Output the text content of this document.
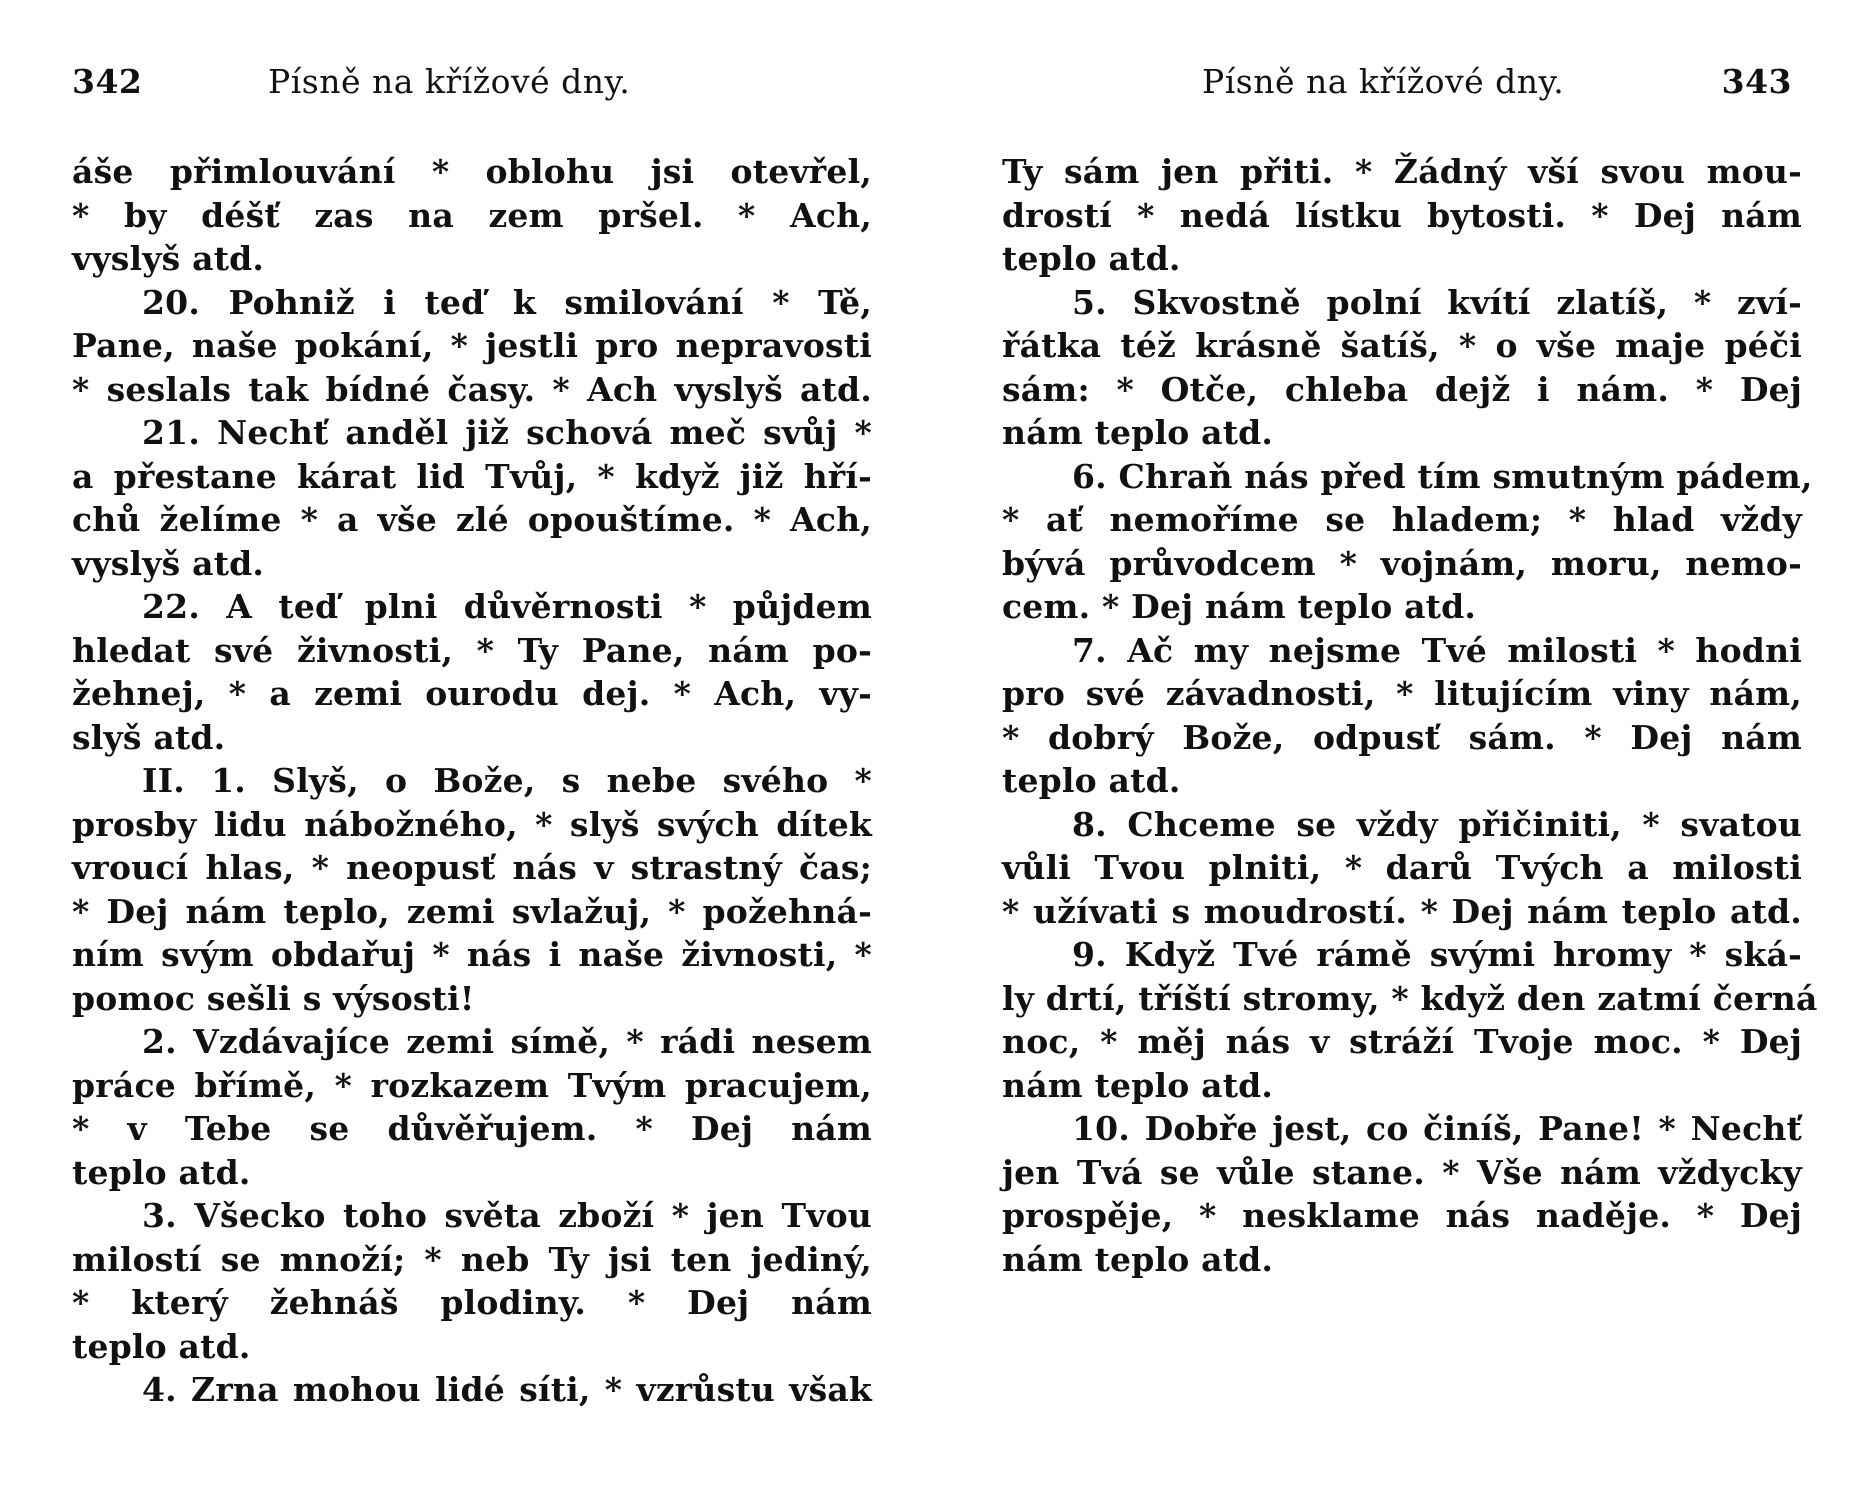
342	Písně na křížové dny.
áše přimlouvání * oblohu jsi otevřel,
* by déšť zas na zem pršel. * Ach,
vyslyš atd.
20. Pohniž i teď k smilování * Tě,
Pane, naše pokání, * jestli pro nepravosti
* seslals tak bídné časy. * Ach vyslyš atd.
21. Nechť anděl již schová meč svůj *
a přestane kárat lid Tvůj, * když již hří-
chů želíme * a vše zlé opouštíme. * Ach,
vyslyš atd.
22. A teď plni důvěrnosti * půjdem
hledat své živnosti, * Ty Pane, nám po-
žehnej, * a zemi ourodu dej. * Ach, vy-
slyš atd.
II. 1. Slyš, o Bože, s nebe svého *
prosby lidu nábožného, * slyš svých dítek
vroucí hlas, * neopusť nás v strastný čas;
* Dej nám teplo, zemi svlažuj, * požehná-
ním svým obdařuj * nás i naše živnosti, *
pomoc sešli s výsosti!
2. Vzdávajíce zemi símě, * rádi nesem
práce břímě, * rozkazem Tvým pracujem,
* v Tebe se důvěřujem. * Dej nám
teplo atd.
3. Všecko toho světa zboží * jen Tvou
milostí se množí; * neb Ty jsi ten jediný,
* který žehnáš plodiny. * Dej nám
teplo atd.
4. Zrna mohou lidé síti, * vzrůstu však
Písně na křížové dny.	343
Ty sám jen přiti. * Žádný vší svou mou-
drostí * nedá lístku bytosti. * Dej nám
teplo atd.
5. Skvostně polní kvítí zlatíš, * zví-
řátka též krásně šatíš, * o vše maje péči
sám: * Otče, chleba dejž i nám. * Dej
nám teplo atd.
6. Chraň nás před tím smutným pádem,
* ať nemoříme se hladem; * hlad vždy
bývá průvodcem * vojnám, moru, nemo-
cem. * Dej nám teplo atd.
7. Ač my nejsme Tvé milosti * hodni
pro své závadnosti, * litujícím viny nám,
* dobrý Bože, odpusť sám. * Dej nám
teplo atd.
8. Chceme se vždy přičiniti, * svatou
vůli Tvou plniti, * darů Tvých a milosti
* užívati s moudrostí. * Dej nám teplo atd.
9. Když Tvé rámě svými hromy * ská-
ly drtí, tříští stromy, * když den zatmí černá
noc, * měj nás v stráží Tvoje moc. * Dej
nám teplo atd.
10. Dobře jest, co činíš, Pane! * Nechť
jen Tvá se vůle stane. * Vše nám vždycky
prospěje, * nesklame nás naděje. * Dej
nám teplo atd.
